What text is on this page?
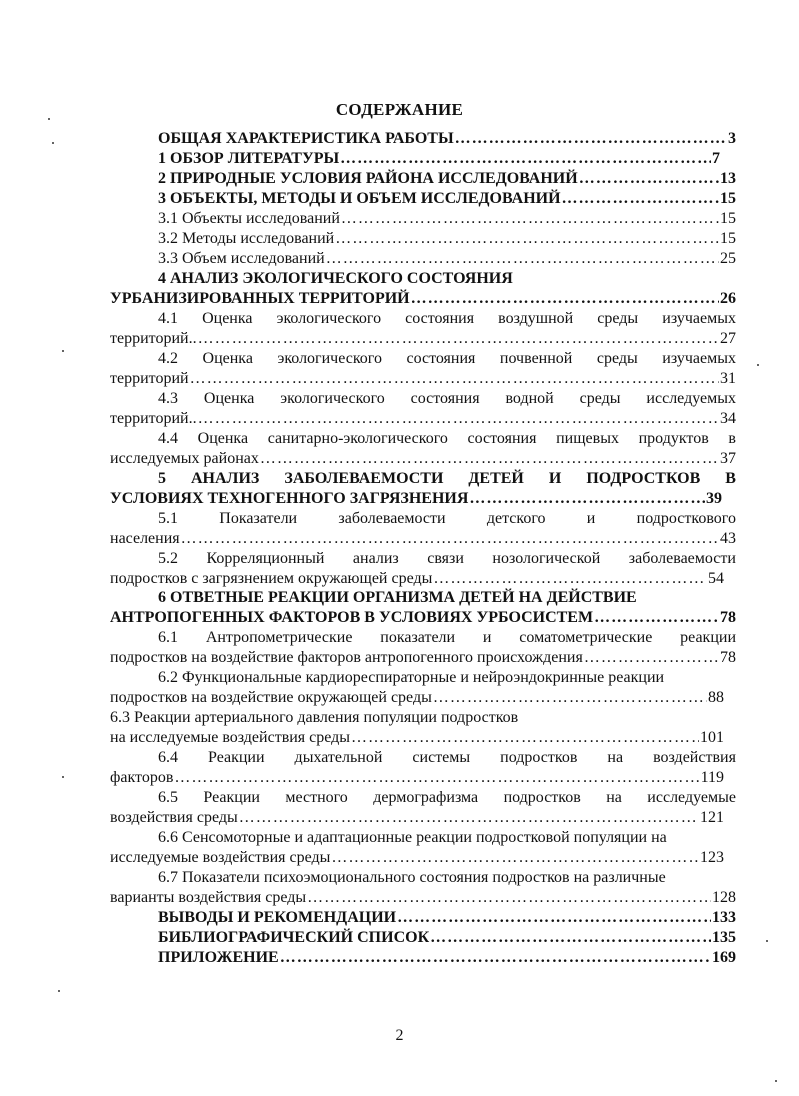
СОДЕРЖАНИЕ
ОБЩАЯ ХАРАКТЕРИСТИКА РАБОТЫ ……………………………………………………………………………………………………………………………………………………………………………………………………………	3
1 ОБЗОР ЛИТЕРАТУРЫ ……………………………………………………………………………………………………………………………………………………………………………………………………………	7
2 ПРИРОДНЫЕ УСЛОВИЯ РАЙОНА ИССЛЕДОВАНИЙ ……………………………………………………………………………………………………………………………………………………………………………………………………………	13
3 ОБЪЕКТЫ, МЕТОДЫ И ОБЪЕМ ИССЛЕДОВАНИЙ ……………………………………………………………………………………………………………………………………………………………………………………………………………	15
3.1 Объекты исследований ……………………………………………………………………………………………………………………………………………………………………………………………………………	15
3.2 Методы исследований ……………………………………………………………………………………………………………………………………………………………………………………………………………	15
3.3 Объем исследований ……………………………………………………………………………………………………………………………………………………………………………………………………………	25
4 АНАЛИЗ ЭКОЛОГИЧЕСКОГО СОСТОЯНИЯ
УРБАНИЗИРОВАННЫХ ТЕРРИТОРИЙ ……………………………………………………………………………………………………………………………………………………………………………………………………………	26
4.1 Оценка экологического состояния воздушной среды изучаемых
территорий.. ……………………………………………………………………………………………………………………………………………………………………………………………………………	27
4.2 Оценка экологического состояния почвенной среды изучаемых
территорий ……………………………………………………………………………………………………………………………………………………………………………………………………………	31
4.3 Оценка экологического состояния водной среды исследуемых
территорий.. ……………………………………………………………………………………………………………………………………………………………………………………………………………	34
4.4 Оценка санитарно-экологического состояния пищевых продуктов в
исследуемых районах ……………………………………………………………………………………………………………………………………………………………………………………………………………	37
5 АНАЛИЗ ЗАБОЛЕВАЕМОСТИ ДЕТЕЙ И ПОДРОСТКОВ В
УСЛОВИЯХ ТЕХНОГЕННОГО ЗАГРЯЗНЕНИЯ ……………………………………………………………………………………………………………………………………………………………………………………………………………	39
5.1	Показатели	заболеваемости	детского	и	подросткового
населения ……………………………………………………………………………………………………………………………………………………………………………………………………………	43
5.2 Корреляционный анализ связи нозологической заболеваемости
подростков с загрязнением окружающей среды ……………………………………………………………………………………………………………………………………………………………………………………………………………	54
6 ОТВЕТНЫЕ РЕАКЦИИ ОРГАНИЗМА ДЕТЕЙ НА ДЕЙСТВИЕ
АНТРОПОГЕННЫХ ФАКТОРОВ В УСЛОВИЯХ УРБОСИСТЕМ ……………………………………………………………………………………………………………………………………………………………………………………………………………	78
6.1 Антропометрические показатели и соматометрические реакции
подростков на воздействие факторов антропогенного происхождения ……………………………………………………………………………………………………………………………………………………………………………………………………………	78
6.2 Функциональные кардиореспираторные и нейроэндокринные реакции
подростков на воздействие окружающей среды ……………………………………………………………………………………………………………………………………………………………………………………………………………	88
6.3 Реакции артериального давления популяции подростков
на исследуемые воздействия среды ……………………………………………………………………………………………………………………………………………………………………………………………………………	101
6.4 Реакции дыхательной системы подростков на воздействия
факторов ……………………………………………………………………………………………………………………………………………………………………………………………………………	119
6.5 Реакции местного дермографизма подростков на исследуемые
воздействия среды ……………………………………………………………………………………………………………………………………………………………………………………………………………	121
6.6 Сенсомоторные и адаптационные реакции подростковой популяции на
исследуемые воздействия среды ……………………………………………………………………………………………………………………………………………………………………………………………………………	123
6.7 Показатели психоэмоционального состояния подростков на различные
варианты воздействия среды ……………………………………………………………………………………………………………………………………………………………………………………………………………	128
ВЫВОДЫ И РЕКОМЕНДАЦИИ ……………………………………………………………………………………………………………………………………………………………………………………………………………	133
БИБЛИОГРАФИЧЕСКИЙ СПИСОК ……………………………………………………………………………………………………………………………………………………………………………………………………………	135
ПРИЛОЖЕНИЕ ……………………………………………………………………………………………………………………………………………………………………………………………………………	169
2
